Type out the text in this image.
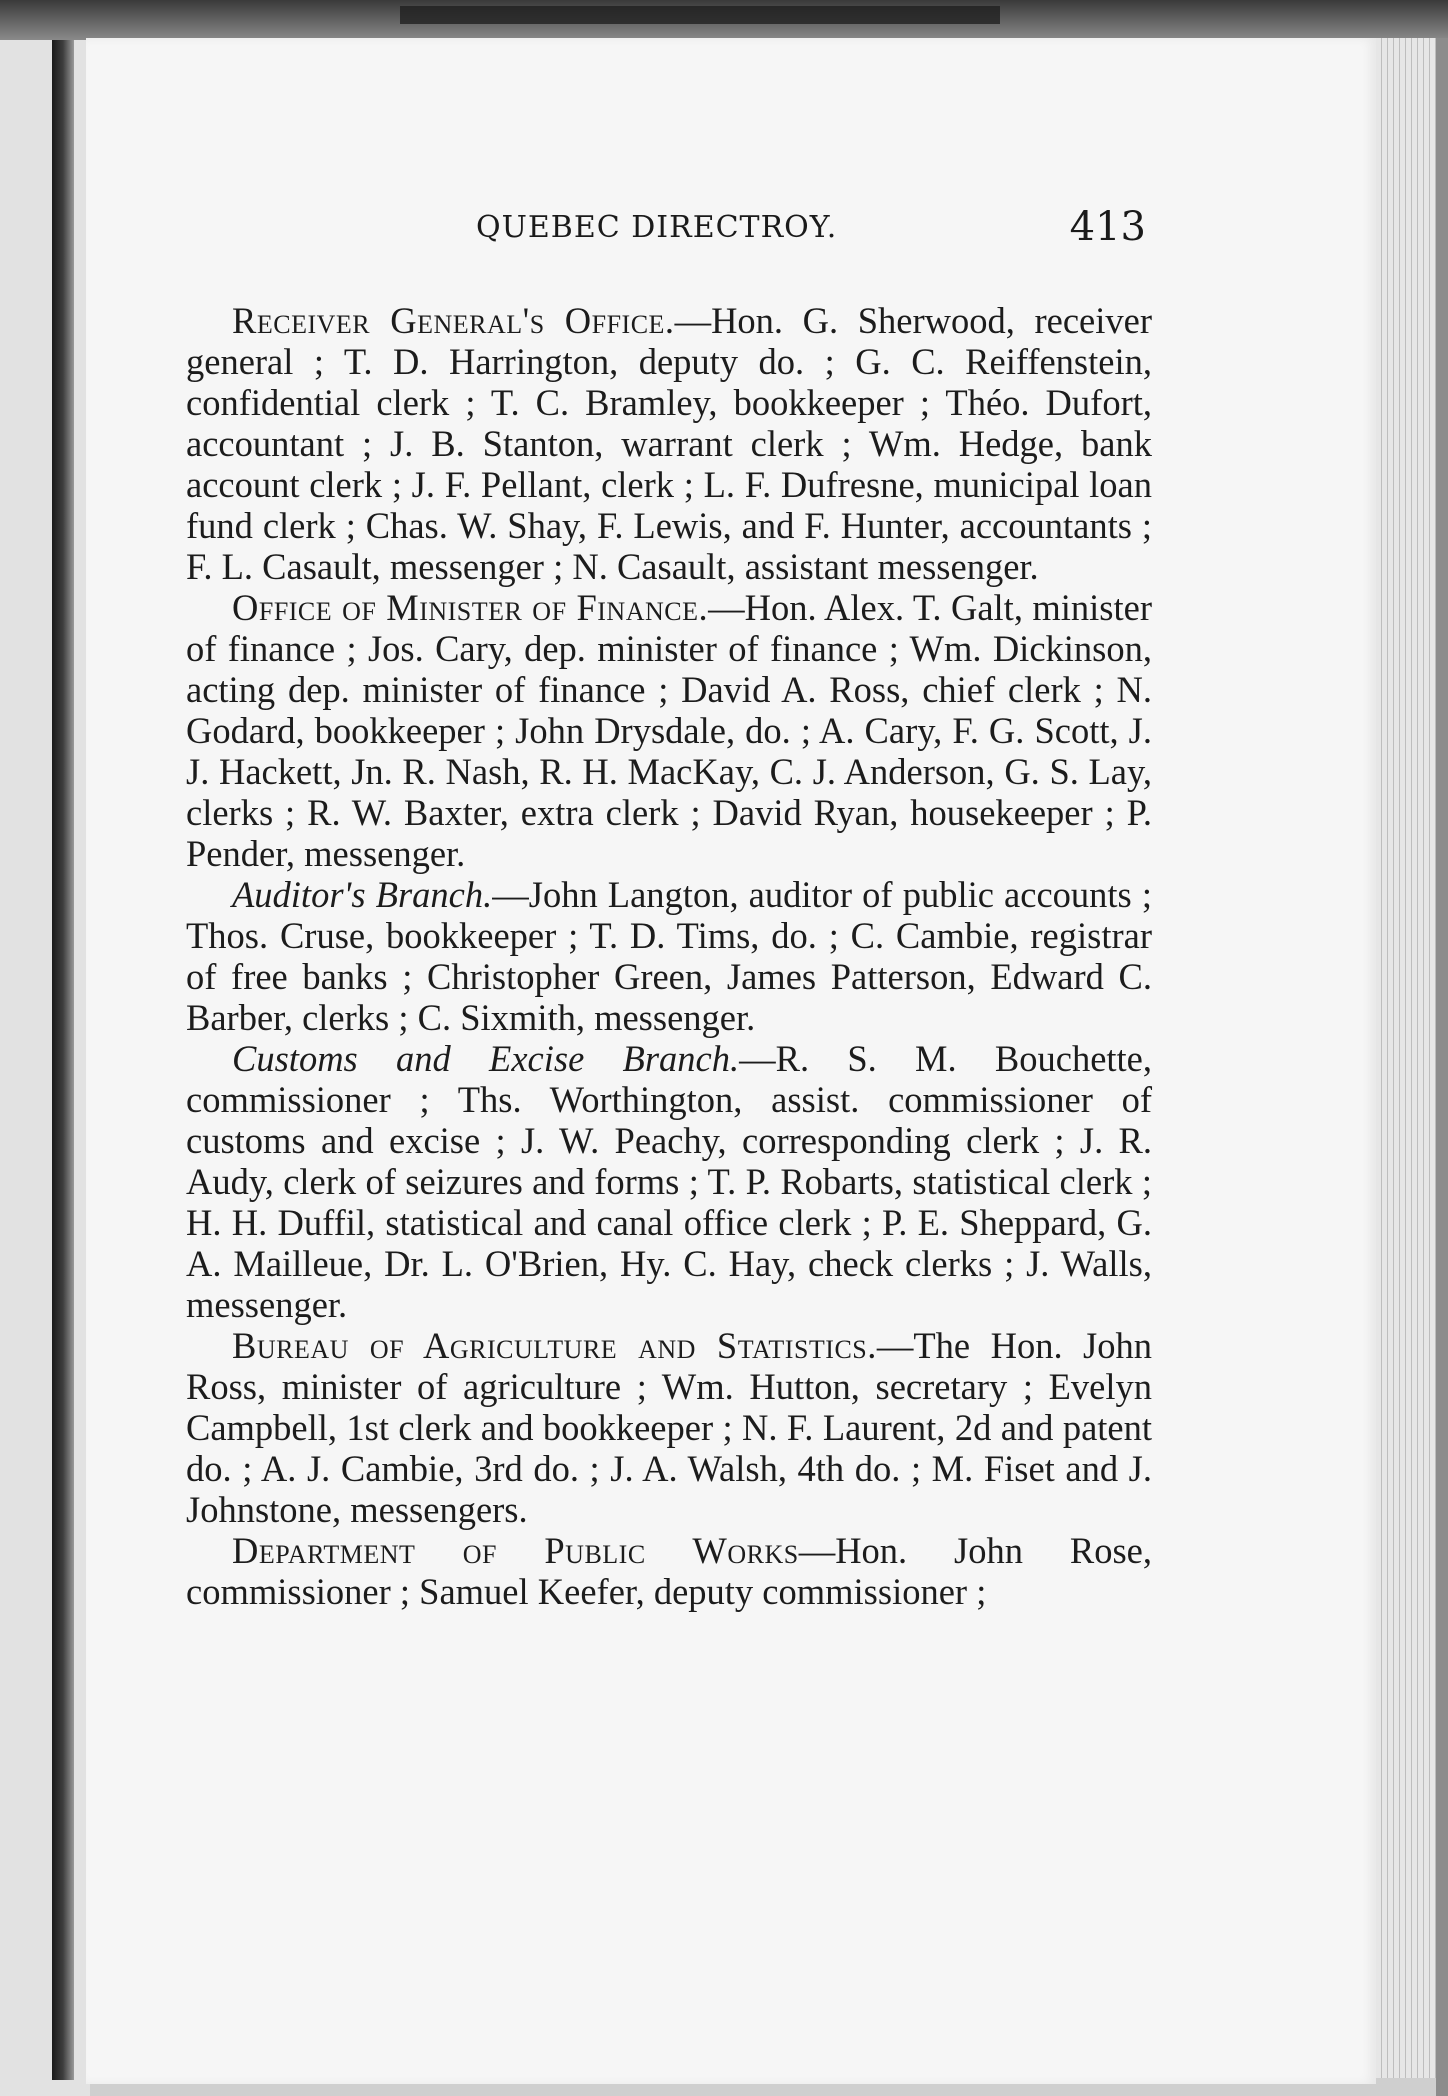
QUEBEC DIRECTROY.	413

Receiver General's Office.—Hon. G. Sherwood, receiver general ; T. D. Harrington, deputy do. ; G. C. Reiffenstein, confidential clerk ; T. C. Bramley, bookkeeper ; Théo. Dufort, accountant ; J. B. Stanton, warrant clerk ; Wm. Hedge, bank account clerk ; J. F. Pellant, clerk ; L. F. Dufresne, municipal loan fund clerk ; Chas. W. Shay, F. Lewis, and F. Hunter, accountants ; F. L. Casault, messenger ; N. Casault, assistant messenger.

Office of Minister of Finance.—Hon. Alex. T. Galt, minister of finance ; Jos. Cary, dep. minister of finance ; Wm. Dickinson, acting dep. minister of finance ; David A. Ross, chief clerk ; N. Godard, bookkeeper ; John Drysdale, do. ; A. Cary, F. G. Scott, J. J. Hackett, Jn. R. Nash, R. H. MacKay, C. J. Anderson, G. S. Lay, clerks ; R. W. Baxter, extra clerk ; David Ryan, housekeeper ; P. Pender, messenger.

Auditor's Branch.—John Langton, auditor of public accounts ; Thos. Cruse, bookkeeper ; T. D. Tims, do. ; C. Cambie, registrar of free banks ; Christopher Green, James Patterson, Edward C. Barber, clerks ; C. Sixmith, messenger.

Customs and Excise Branch.—R. S. M. Bouchette, commissioner ; Ths. Worthington, assist. commissioner of customs and excise ; J. W. Peachy, corresponding clerk ; J. R. Audy, clerk of seizures and forms ; T. P. Robarts, statistical clerk ; H. H. Duffil, statistical and canal office clerk ; P. E. Sheppard, G. A. Mailleue, Dr. L. O'Brien, Hy. C. Hay, check clerks ; J. Walls, messenger.

Bureau of Agriculture and Statistics.—The Hon. John Ross, minister of agriculture ; Wm. Hutton, secretary ; Evelyn Campbell, 1st clerk and bookkeeper ; N. F. Laurent, 2d and patent do. ; A. J. Cambie, 3rd do. ; J. A. Walsh, 4th do. ; M. Fiset and J. Johnstone, messengers.

Department of Public Works—Hon. John Rose, commissioner ; Samuel Keefer, deputy commissioner ;
